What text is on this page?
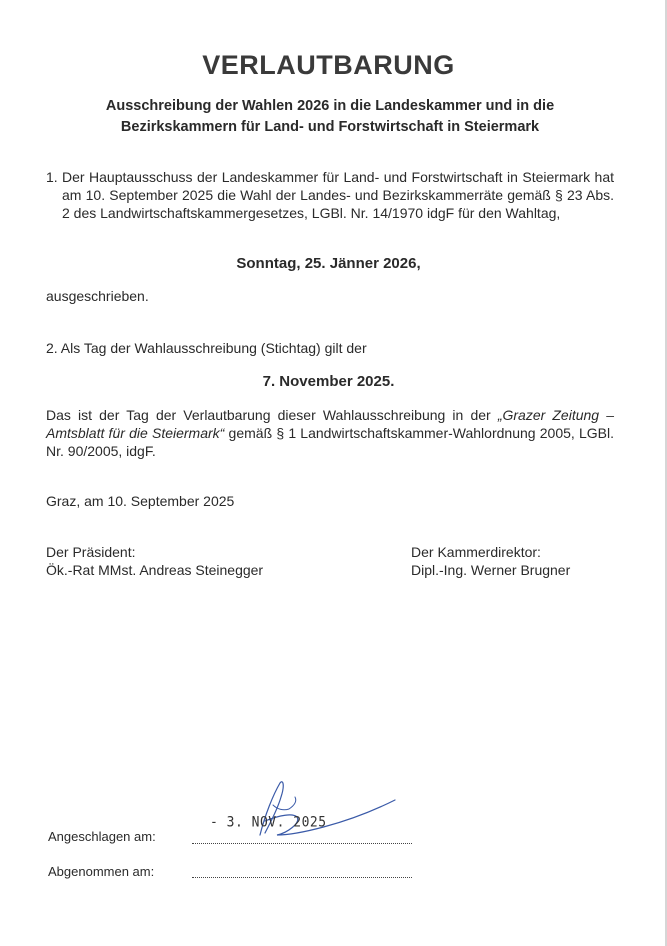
VERLAUTBARUNG
Ausschreibung der Wahlen 2026 in die Landeskammer und in die
Bezirkskammern für Land- und Forstwirtschaft in Steiermark
1. Der Hauptausschuss der Landeskammer für Land- und Forstwirtschaft in Steiermark hat am 10. September 2025 die Wahl der Landes- und Bezirkskammerräte gemäß § 23 Abs. 2 des Landwirtschaftskammergesetzes, LGBl. Nr. 14/1970 idgF für den Wahltag,
Sonntag, 25. Jänner 2026,
ausgeschrieben.
2. Als Tag der Wahlausschreibung (Stichtag) gilt der
7. November 2025.
Das ist der Tag der Verlautbarung dieser Wahlausschreibung in der „Grazer Zeitung – Amtsblatt für die Steiermark“ gemäß § 1 Landwirtschaftskammer-Wahlordnung 2005, LGBl. Nr. 90/2005, idgF.
Graz, am 10. September 2025
Der Präsident:
Ök.-Rat MMst. Andreas Steinegger
Der Kammerdirektor:
Dipl.-Ing. Werner Brugner
- 3. NOV. 2025
Angeschlagen am:
Abgenommen am:
